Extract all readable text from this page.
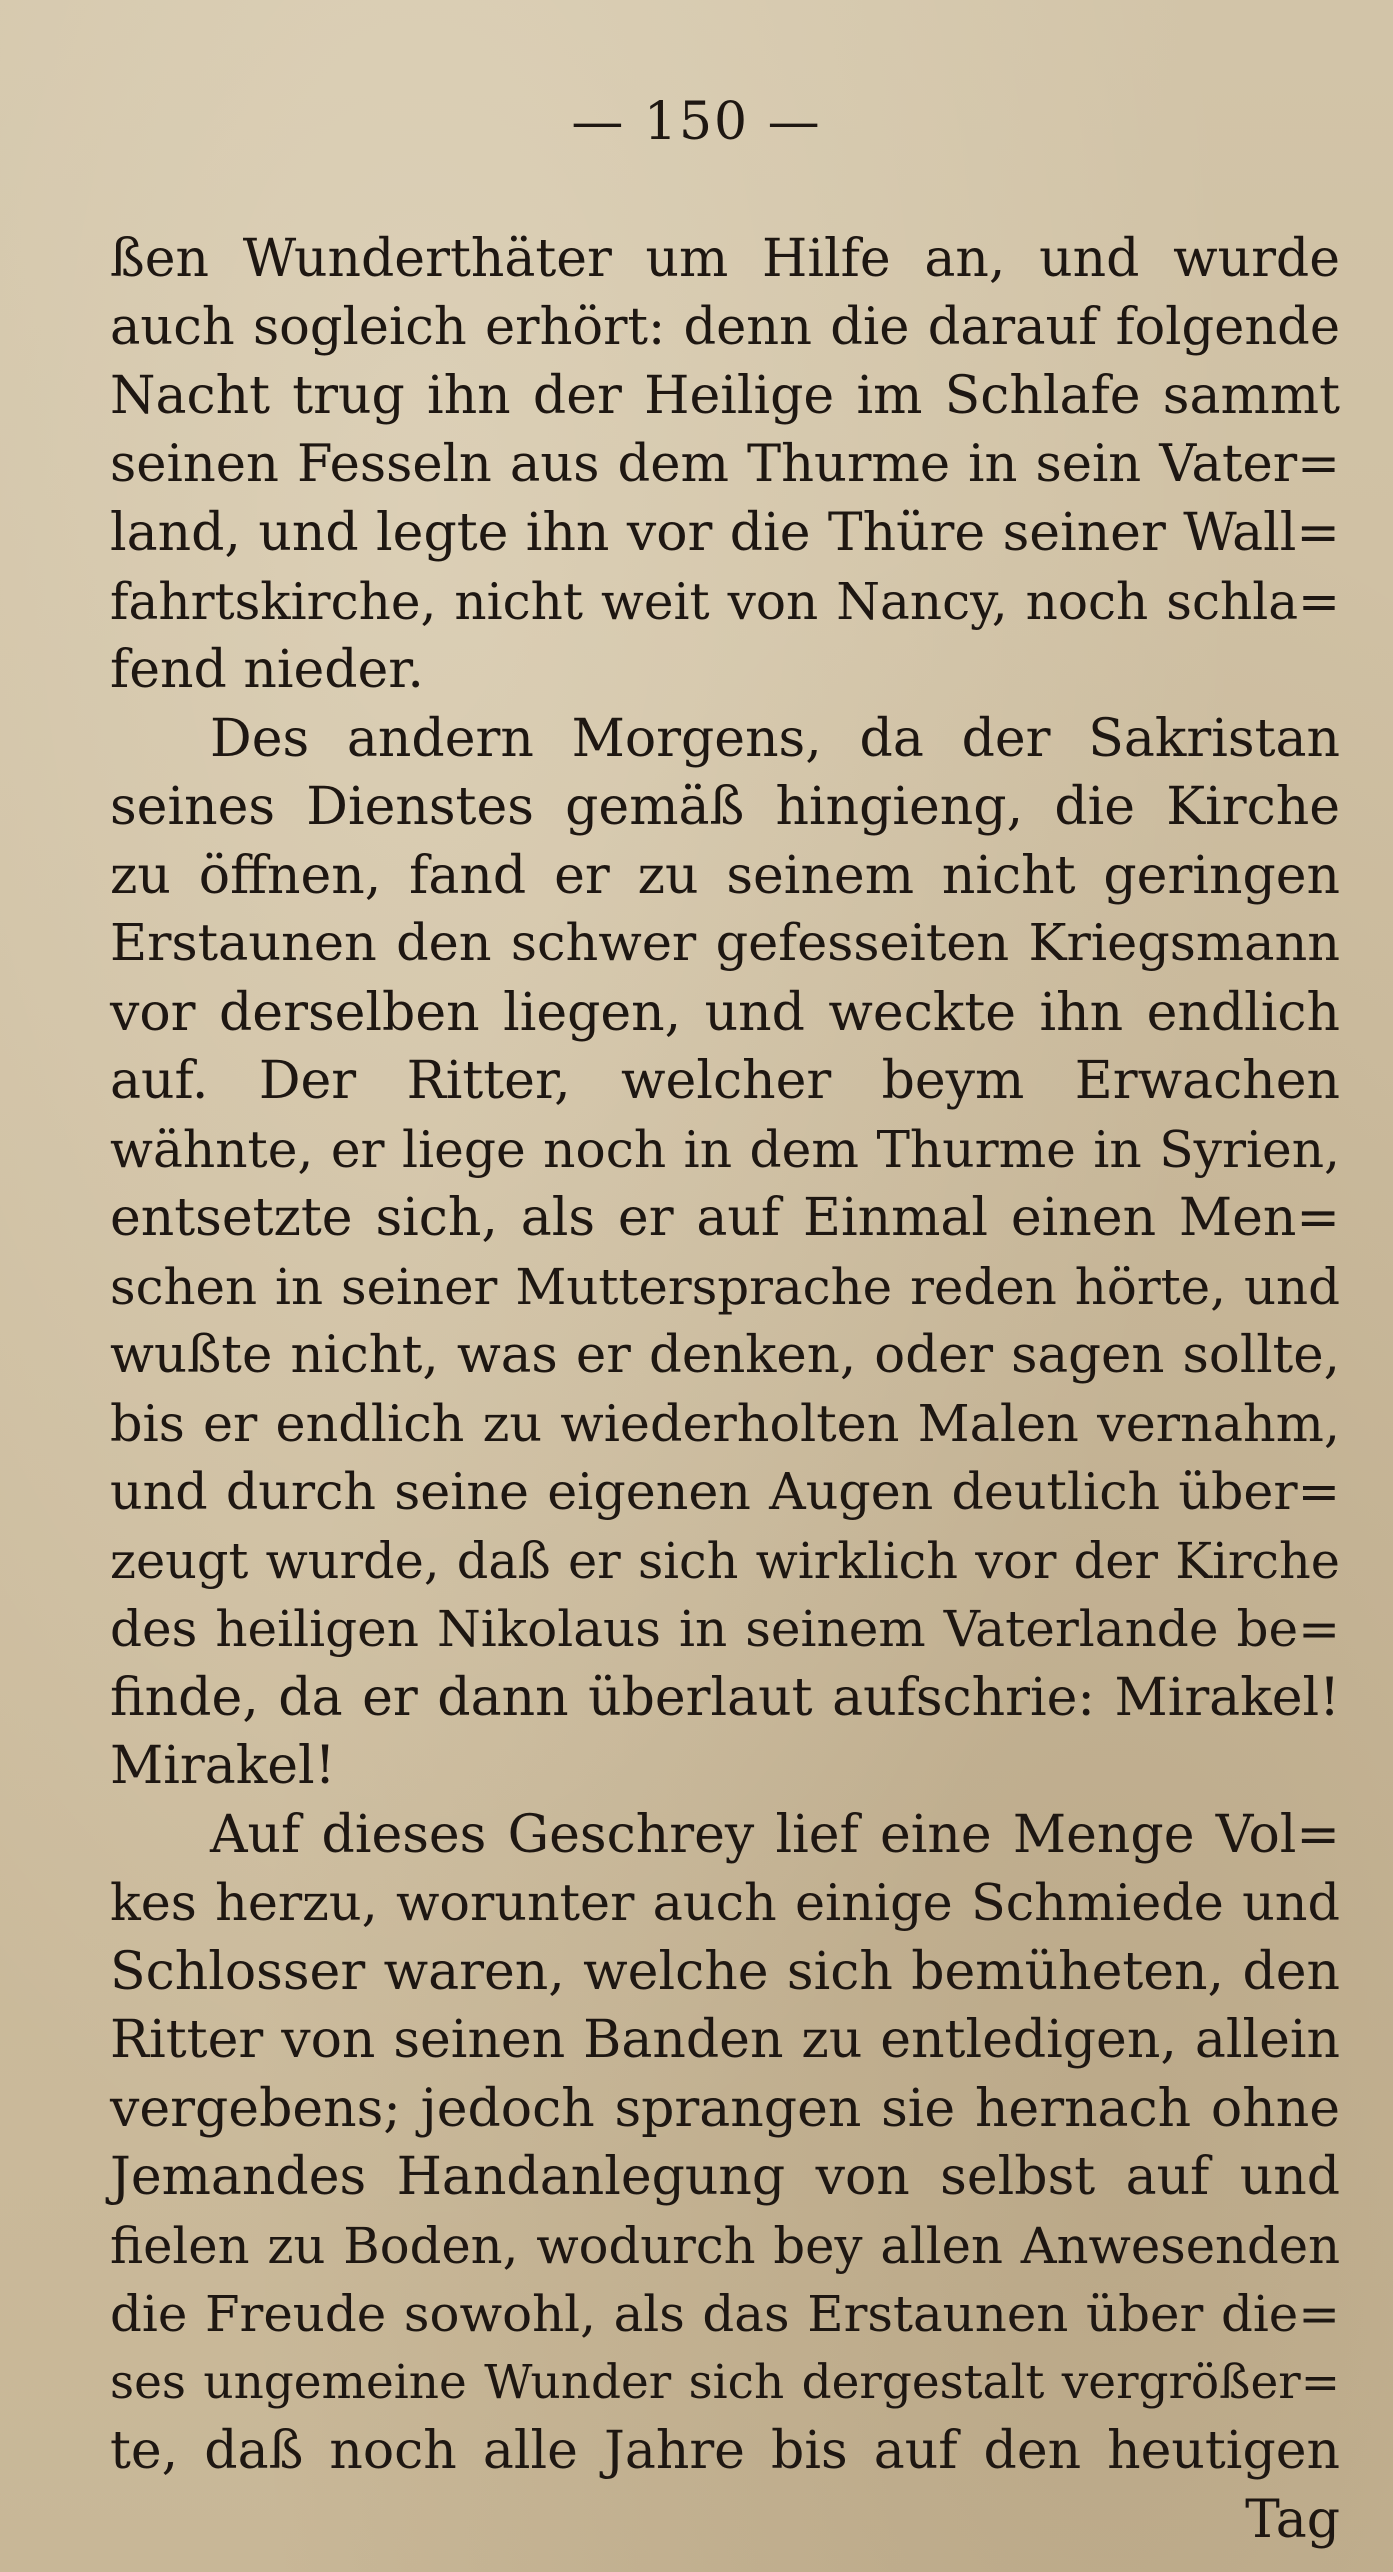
— 150 —
ßen Wunderthäter um Hilfe an, und wurde
auch sogleich erhört: denn die darauf folgende
Nacht trug ihn der Heilige im Schlafe sammt
seinen Fesseln aus dem Thurme in sein Vater=
land, und legte ihn vor die Thüre seiner Wall=
fahrtskirche, nicht weit von Nancy, noch schla=
fend nieder.
Des andern Morgens, da der Sakristan
seines Dienstes gemäß hingieng, die Kirche
zu öffnen, fand er zu seinem nicht geringen
Erstaunen den schwer gefesseiten Kriegsmann
vor derselben liegen, und weckte ihn endlich
auf. Der Ritter, welcher beym Erwachen
wähnte, er liege noch in dem Thurme in Syrien,
entsetzte sich, als er auf Einmal einen Men=
schen in seiner Muttersprache reden hörte, und
wußte nicht, was er denken, oder sagen sollte,
bis er endlich zu wiederholten Malen vernahm,
und durch seine eigenen Augen deutlich über=
zeugt wurde, daß er sich wirklich vor der Kirche
des heiligen Nikolaus in seinem Vaterlande be=
finde, da er dann überlaut aufschrie: Mirakel!
Mirakel!
Auf dieses Geschrey lief eine Menge Vol=
kes herzu, worunter auch einige Schmiede und
Schlosser waren, welche sich bemüheten, den
Ritter von seinen Banden zu entledigen, allein
vergebens; jedoch sprangen sie hernach ohne
Jemandes Handanlegung von selbst auf und
fielen zu Boden, wodurch bey allen Anwesenden
die Freude sowohl, als das Erstaunen über die=
ses ungemeine Wunder sich dergestalt vergrößer=
te, daß noch alle Jahre bis auf den heutigen
Tag
